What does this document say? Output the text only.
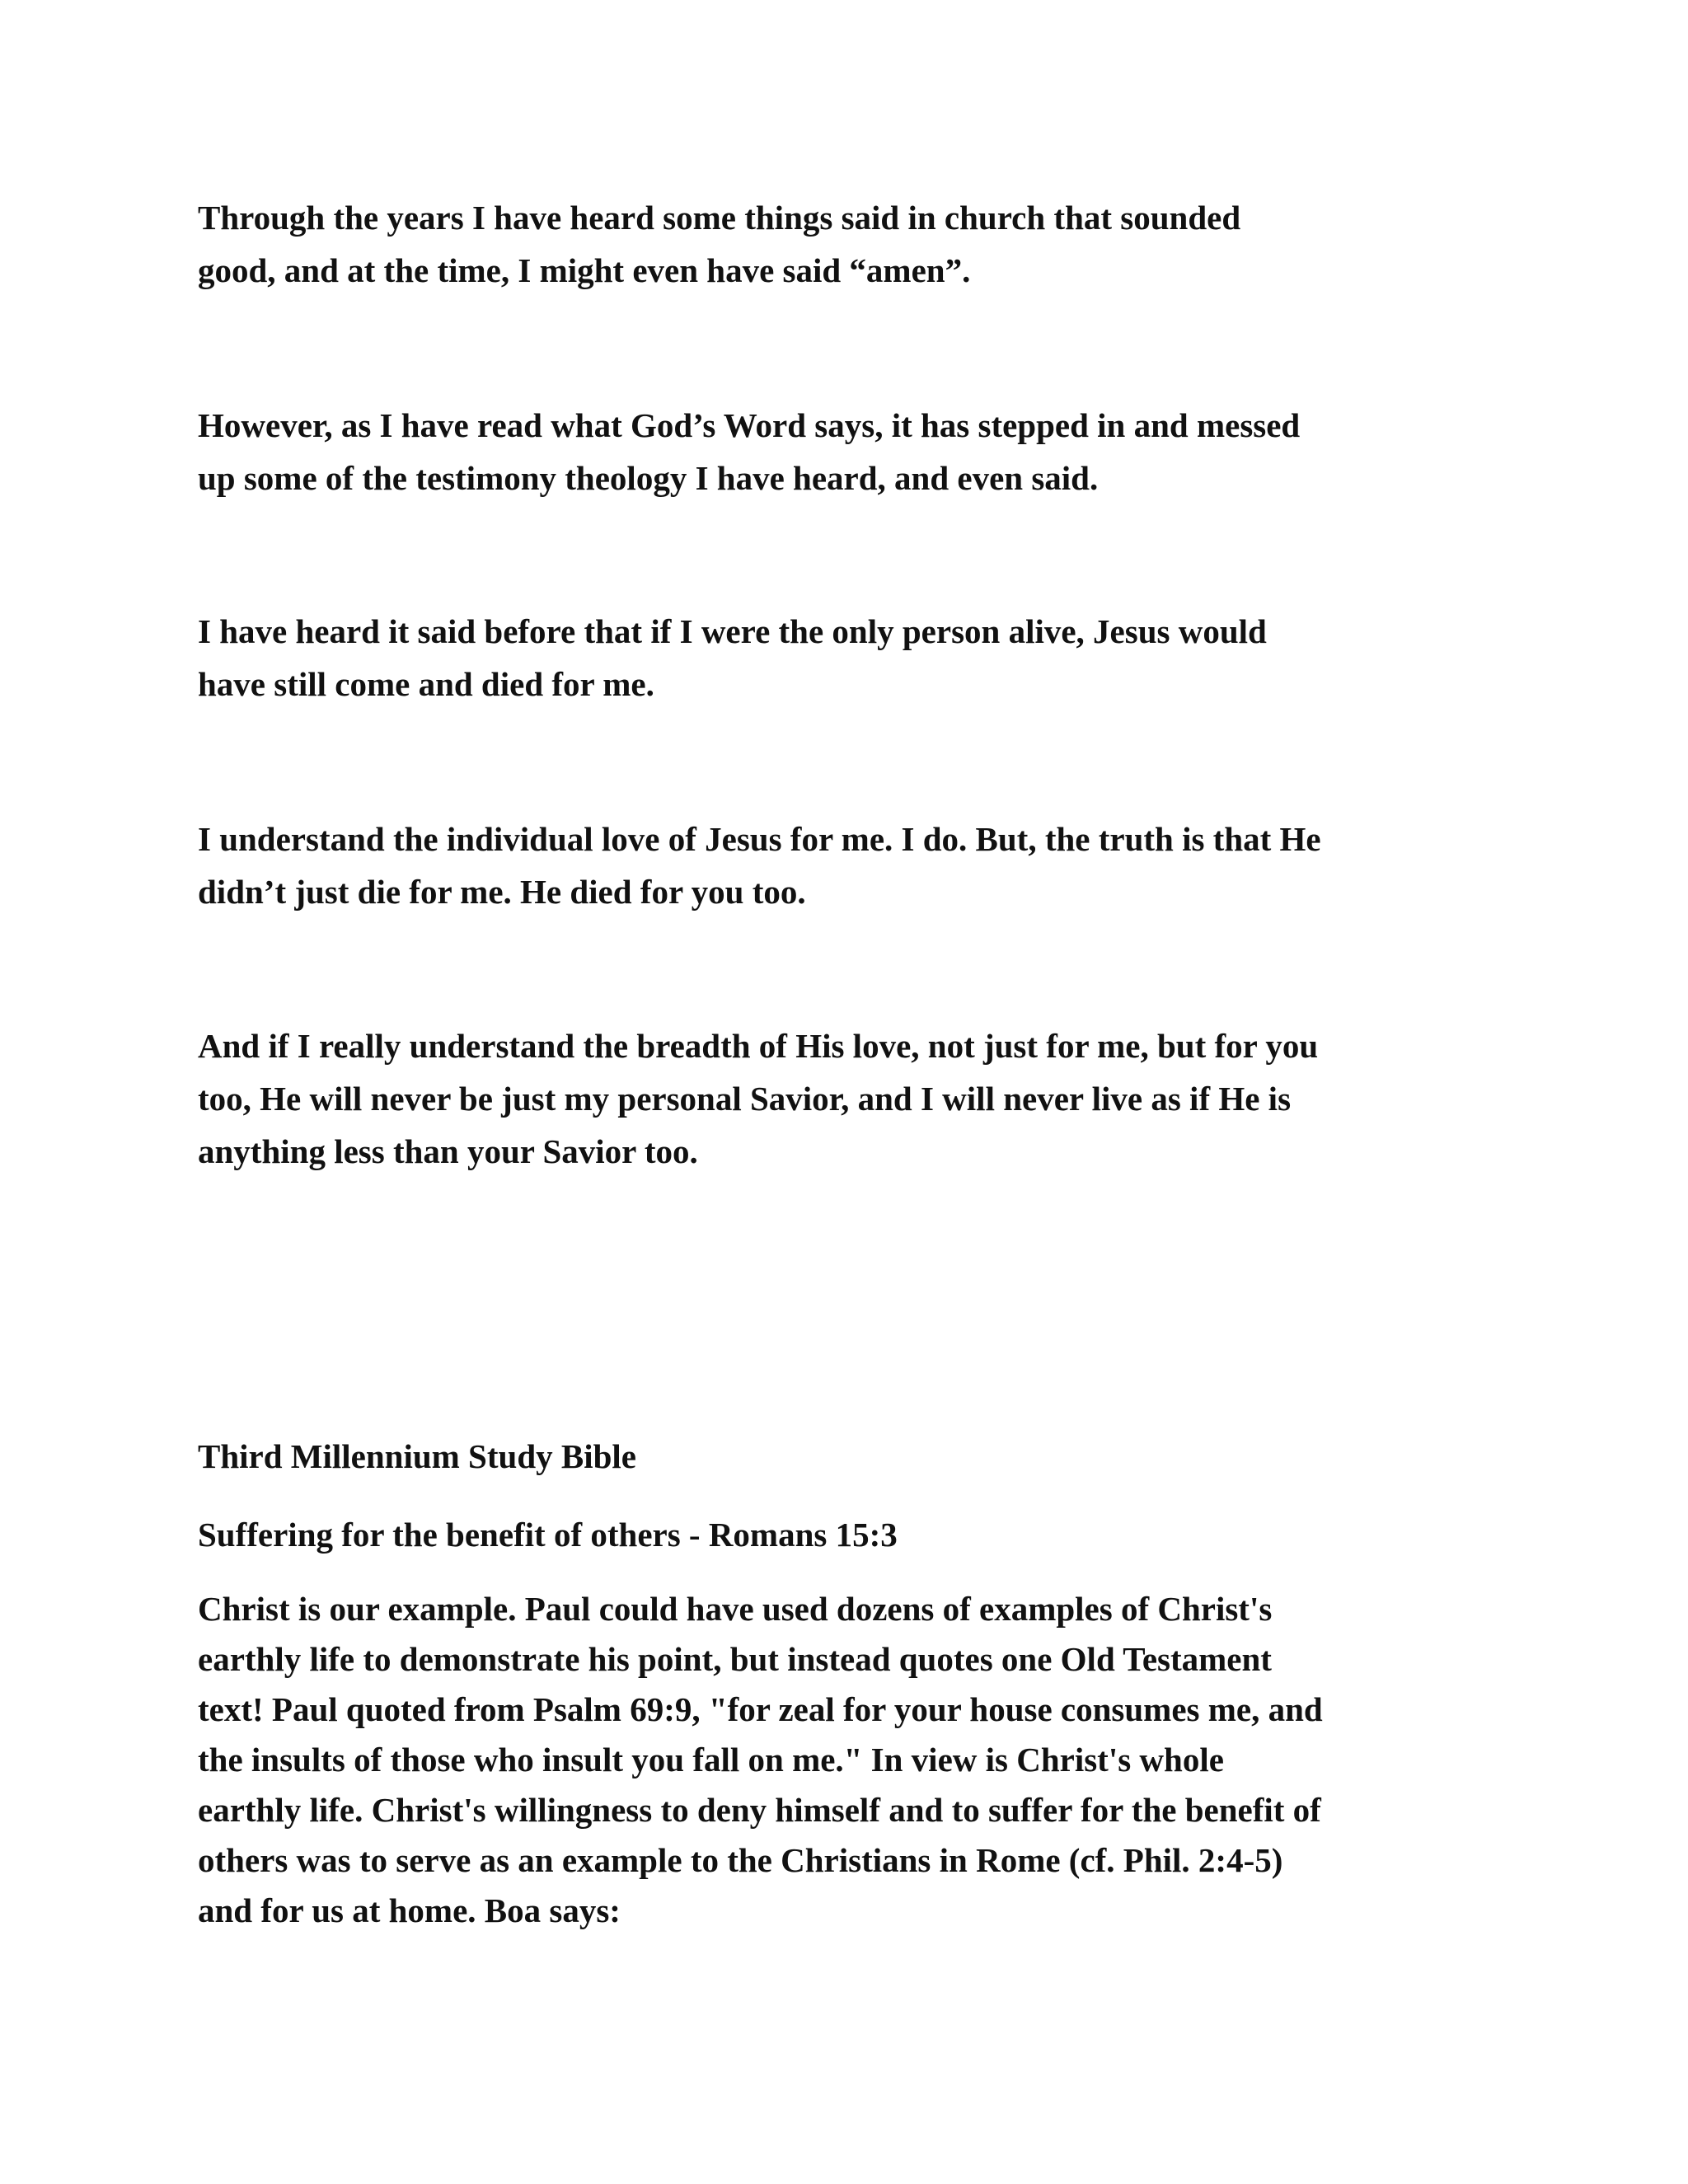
Through the years I have heard some things said in church that sounded
good, and at the time, I might even have said “amen”.

However, as I have read what God’s Word says, it has stepped in and messed
up some of the testimony theology I have heard, and even said.

I have heard it said before that if I were the only person alive, Jesus would
have still come and died for me.

I understand the individual love of Jesus for me. I do. But, the truth is that He
didn’t just die for me. He died for you too.

And if I really understand the breadth of His love, not just for me, but for you
too, He will never be just my personal Savior, and I will never live as if He is
anything less than your Savior too.

Third Millennium Study Bible

Suffering for the benefit of others - Romans 15:3

Christ is our example. Paul could have used dozens of examples of Christ's
earthly life to demonstrate his point, but instead quotes one Old Testament
text! Paul quoted from Psalm 69:9, "for zeal for your house consumes me, and
the insults of those who insult you fall on me." In view is Christ's whole
earthly life. Christ's willingness to deny himself and to suffer for the benefit of
others was to serve as an example to the Christians in Rome (cf. Phil. 2:4-5)
and for us at home. Boa says:
